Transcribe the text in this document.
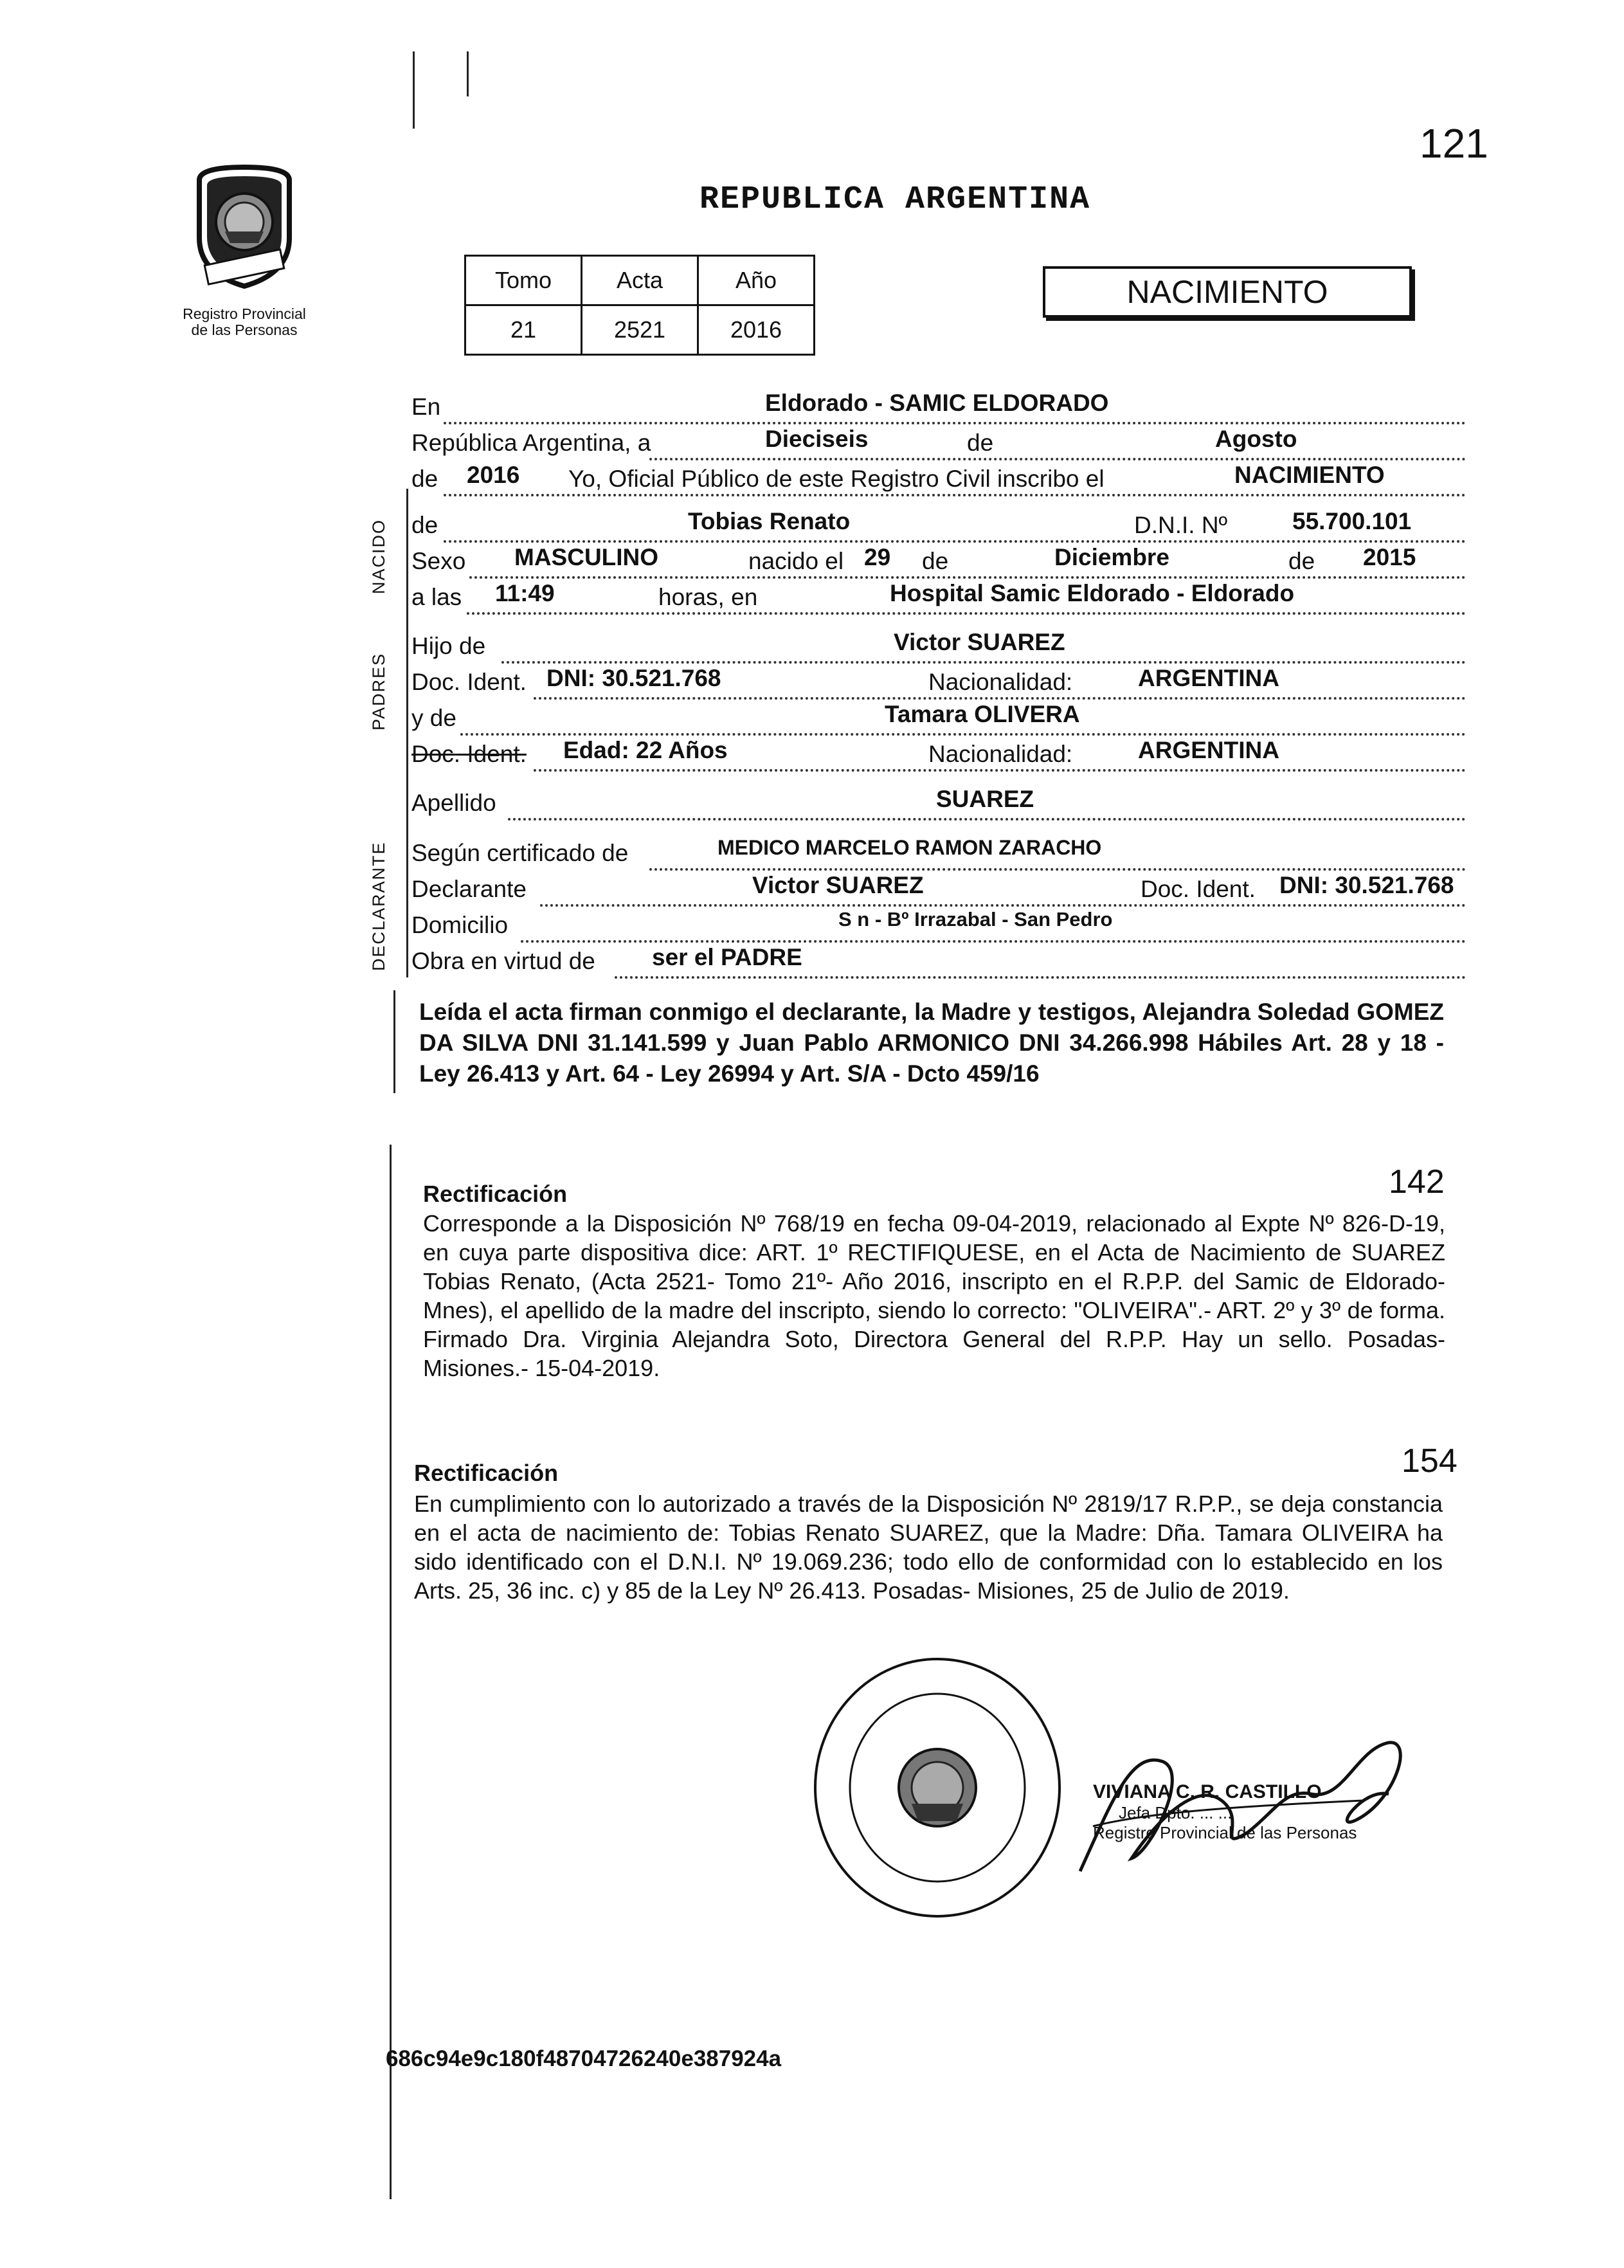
121
Registro Provincial
de las Personas
REPUBLICA ARGENTINA
Tomo	Acta	Año
21	2521	2016
NACIMIENTO
NACIDO
PADRES
DECLARANTE
En	Eldorado - SAMIC ELDORADO
República Argentina, a	Dieciseis	de	Agosto
de 2016 Yo, Oficial Público de este Registro Civil inscribo el	NACIMIENTO
de	Tobias Renato	D.N.I. Nº	55.700.101
Sexo MASCULINO	nacido el 29 de	Diciembre	de 2015
a las 11:49	horas, en	Hospital Samic Eldorado - Eldorado
Hijo de	Victor SUAREZ
Doc. Ident. DNI: 30.521.768	Nacionalidad:	ARGENTINA
y de	Tamara OLIVERA
Doc. Ident. Edad: 22 Años	Nacionalidad:	ARGENTINA
Apellido	SUAREZ
Según certificado de	MEDICO MARCELO RAMON ZARACHO
Declarante	Victor SUAREZ	Doc. Ident. DNI: 30.521.768
Domicilio	S n - Bº Irrazabal - San Pedro
Obra en virtud de ser el PADRE
Leída el acta firman conmigo el declarante, la Madre y testigos, Alejandra Soledad GOMEZ DA SILVA DNI 31.141.599 y Juan Pablo ARMONICO DNI 34.266.998 Hábiles Art. 28 y 18 - Ley 26.413 y Art. 64 - Ley 26994 y Art. S/A - Dcto 459/16
Rectificación	142
Corresponde a la Disposición Nº 768/19 en fecha 09-04-2019, relacionado al Expte Nº 826-D-19, en cuya parte dispositiva dice: ART. 1º RECTIFIQUESE, en el Acta de Nacimiento de SUAREZ Tobias Renato, (Acta 2521- Tomo 21º- Año 2016, inscripto en el R.P.P. del Samic de Eldorado-Mnes), el apellido de la madre del inscripto, siendo lo correcto: "OLIVEIRA".- ART. 2º y 3º de forma. Firmado Dra. Virginia Alejandra Soto, Directora General del R.P.P. Hay un sello. Posadas- Misiones.- 15-04-2019.
Rectificación	154
En cumplimiento con lo autorizado a través de la Disposición Nº 2819/17 R.P.P., se deja constancia en el acta de nacimiento de: Tobias Renato SUAREZ, que la Madre: Dña. Tamara OLIVEIRA ha sido identificado con el D.N.I. Nº 19.069.236; todo ello de conformidad con lo establecido en los Arts. 25, 36 inc. c) y 85 de la Ley Nº 26.413. Posadas- Misiones, 25 de Julio de 2019.
VIVIANA C. R. CASTILLO
Jefa Dpto. ... ...
Registro Provincial de las Personas
686c94e9c180f48704726240e387924a
